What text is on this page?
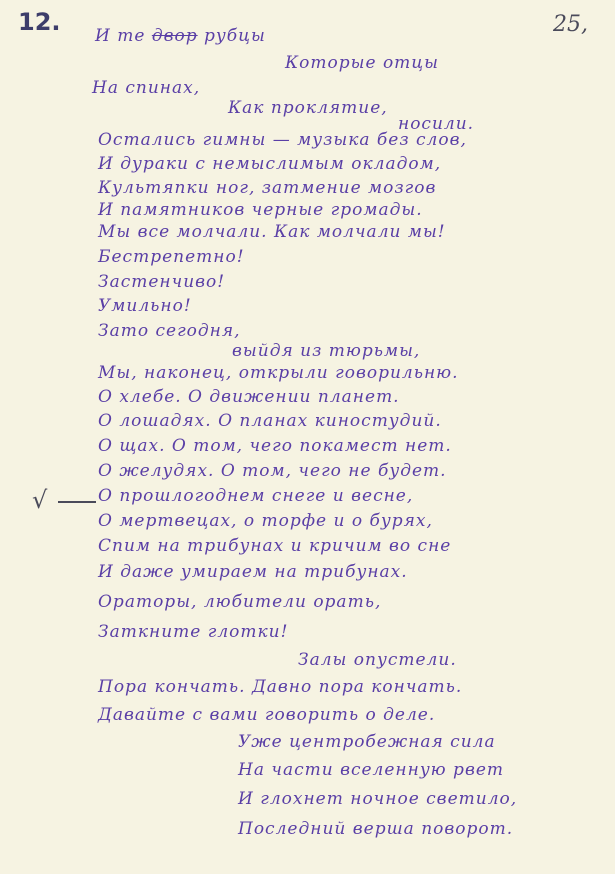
12.	25,
И те двор рубцы
Которые отцы
На спинах,
Как проклятие,
носили.
Остались гимны — музыка без слов,
И дураки с немыслимым окладом,
Культяпки ног, затмение мозгов
И памятников черные громады.
Мы все молчали. Как молчали мы!
Бестрепетно!
Застенчиво!
Умильно!
Зато сегодня,
выйдя из тюрьмы,
Мы, наконец, открыли говорильню.
О хлебе. О движении планет.
О лошадях. О планах киностудий.
О щах. О том, чего покамест нет.
О желудях. О том, чего не будет.
О прошлогоднем снеге и весне,
О мертвецах, о торфе и о бурях,
Спим на трибунах и кричим во сне
И даже умираем на трибунах.
Ораторы, любители орать,
Заткните глотки!
Залы опустели.
Пора кончать. Давно пора кончать.
Давайте с вами говорить о деле.
Уже центробежная сила
На части вселенную рвет
И глохнет ночное светило,
Последний верша поворот.
√
